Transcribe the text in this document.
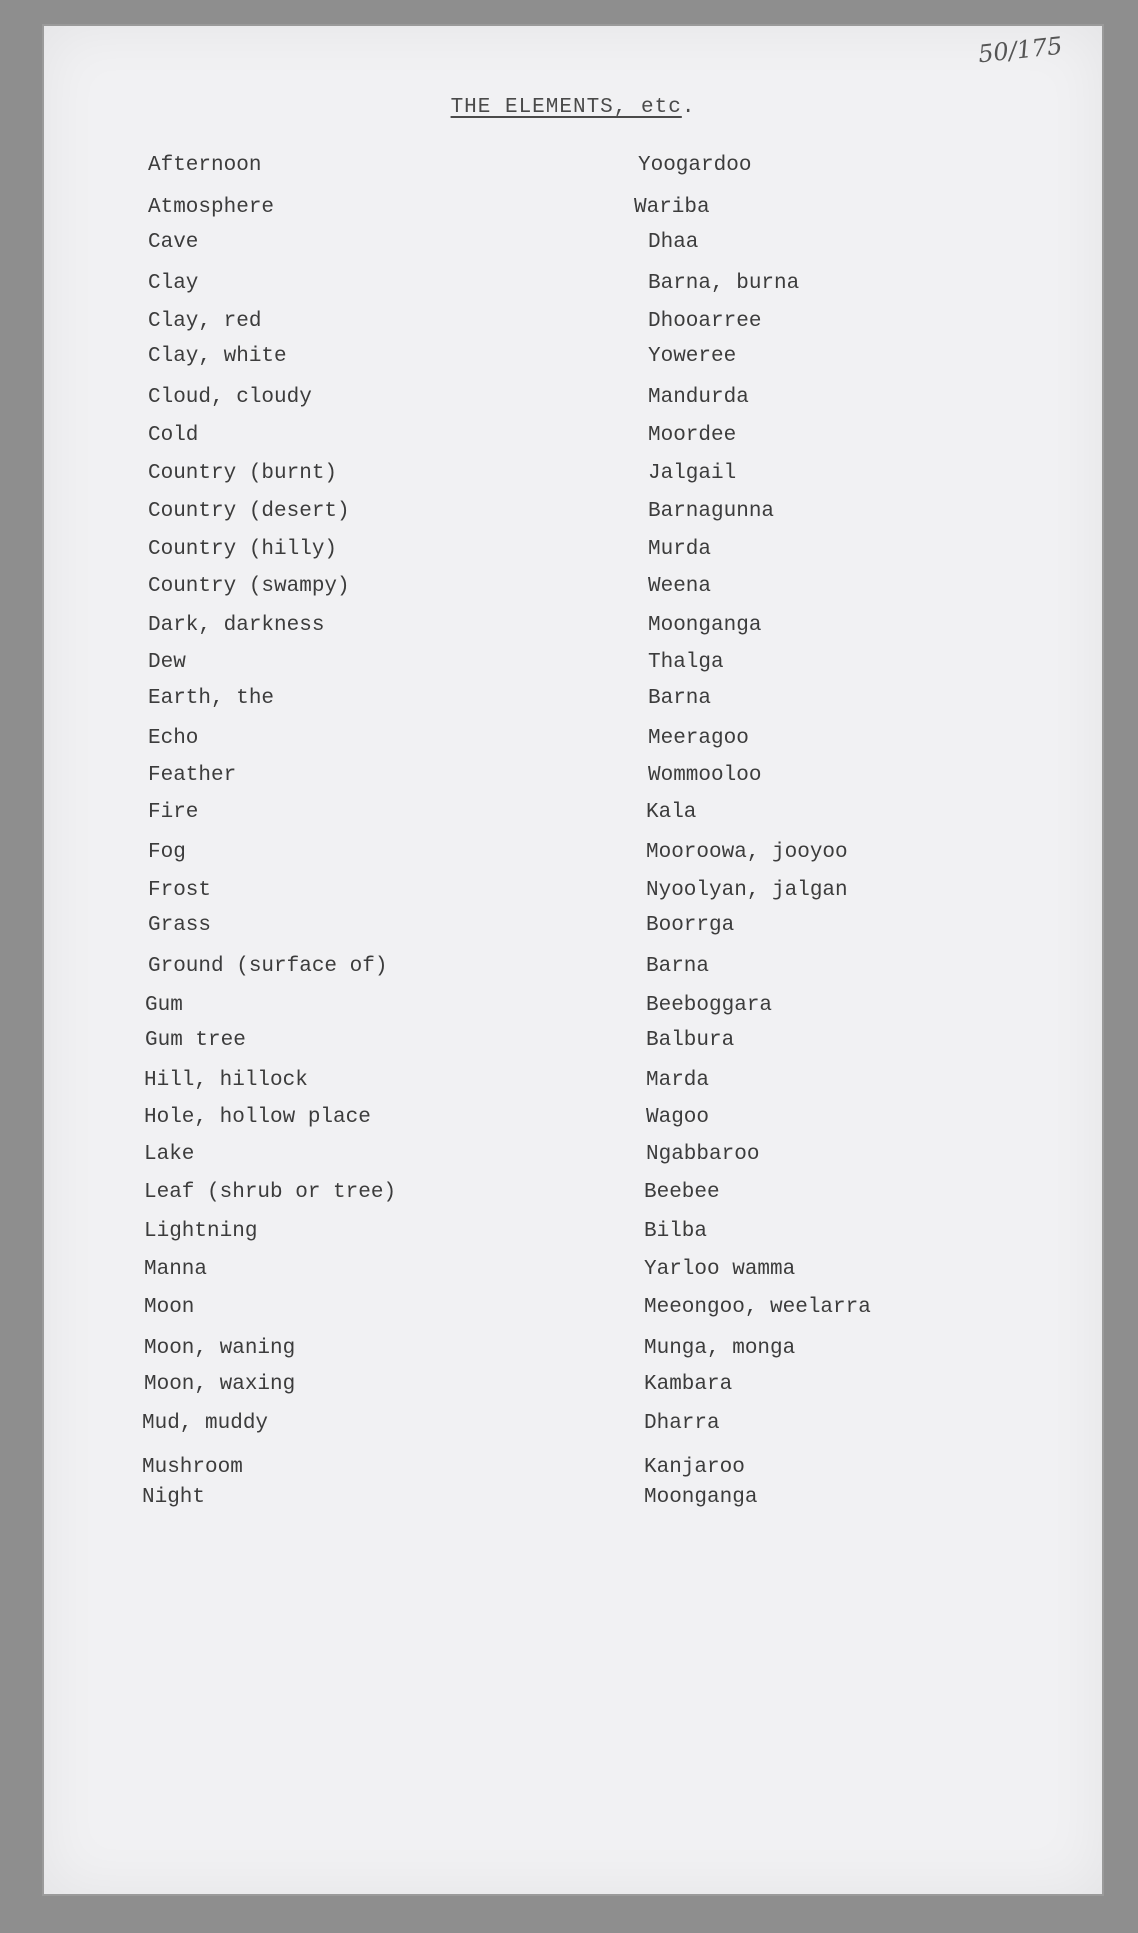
50/175
THE ELEMENTS, etc.
Afternoon	Yoogardoo
Atmosphere	Wariba
Cave	Dhaa
Clay	Barna, burna
Clay, red	Dhooarree
Clay, white	Yoweree
Cloud, cloudy	Mandurda
Cold	Moordee
Country (burnt)	Jalgail
Country (desert)	Barnagunna
Country (hilly)	Murda
Country (swampy)	Weena
Dark, darkness	Moonganga
Dew	Thalga
Earth, the	Barna
Echo	Meeragoo
Feather	Wommooloo
Fire	Kala
Fog	Mooroowa, jooyoo
Frost	Nyoolyan, jalgan
Grass	Boorrga
Ground (surface of)	Barna
Gum	Beeboggara
Gum tree	Balbura
Hill, hillock	Marda
Hole, hollow place	Wagoo
Lake	Ngabbaroo
Leaf (shrub or tree)	Beebee
Lightning	Bilba
Manna	Yarloo wamma
Moon	Meeongoo, weelarra
Moon, waning	Munga, monga
Moon, waxing	Kambara
Mud, muddy	Dharra
Mushroom	Kanjaroo
Night	Moonganga
